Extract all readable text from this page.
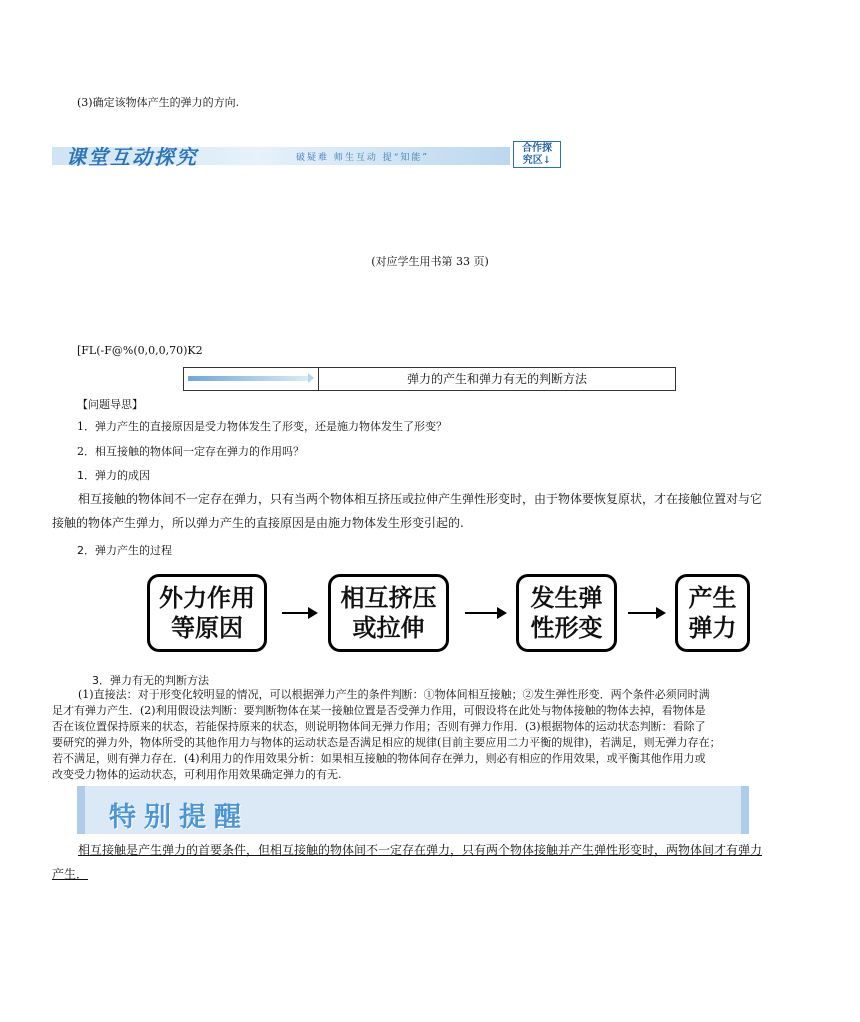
(3)确定该物体产生的弹力的方向.
课堂互动探究	破疑难 师生互动 提“知能”
合作探
究区↓
(对应学生用书第 33 页)
[FL(-F@%(0,0,0,70)K2
弹力的产生和弹力有无的判断方法
【问题导思】
1．弹力产生的直接原因是受力物体发生了形变，还是施力物体发生了形变？
2．相互接触的物体间一定存在弹力的作用吗？
1．弹力的成因

相互接触的物体间不一定存在弹力，只有当两个物体相互挤压或拉伸产生弹性形变时，由于物体要恢复原状，才在接触位置对与它

接触的物体产生弹力，所以弹力产生的直接原因是由施力物体发生形变引起的.

2．弹力产生的过程
外力作用
等原因
相互挤压
或拉伸
发生弹
性形变
产生
弹力
3．弹力有无的判断方法
(1)直接法：对于形变化较明显的情况，可以根据弹力产生的条件判断：①物体间相互接触；②发生弹性形变．两个条件必须同时满
足才有弹力产生．(2)利用假设法判断：要判断物体在某一接触位置是否受弹力作用，可假设将在此处与物体接触的物体去掉，看物体是
否在该位置保持原来的状态，若能保持原来的状态，则说明物体间无弹力作用；否则有弹力作用．(3)根据物体的运动状态判断：看除了
要研究的弹力外，物体所受的其他作用力与物体的运动状态是否满足相应的规律(目前主要应用二力平衡的规律)，若满足，则无弹力存在；
若不满足，则有弹力存在．(4)利用力的作用效果分析：如果相互接触的物体间存在弹力，则必有相应的作用效果，或平衡其他作用力或
改变受力物体的运动状态，可利用作用效果确定弹力的有无.
特别提醒

相互接触是产生弹力的首要条件，但相互接触的物体间不一定存在弹力，只有两个物体接触并产生弹性形变时，两物体间才有弹力

产生．
